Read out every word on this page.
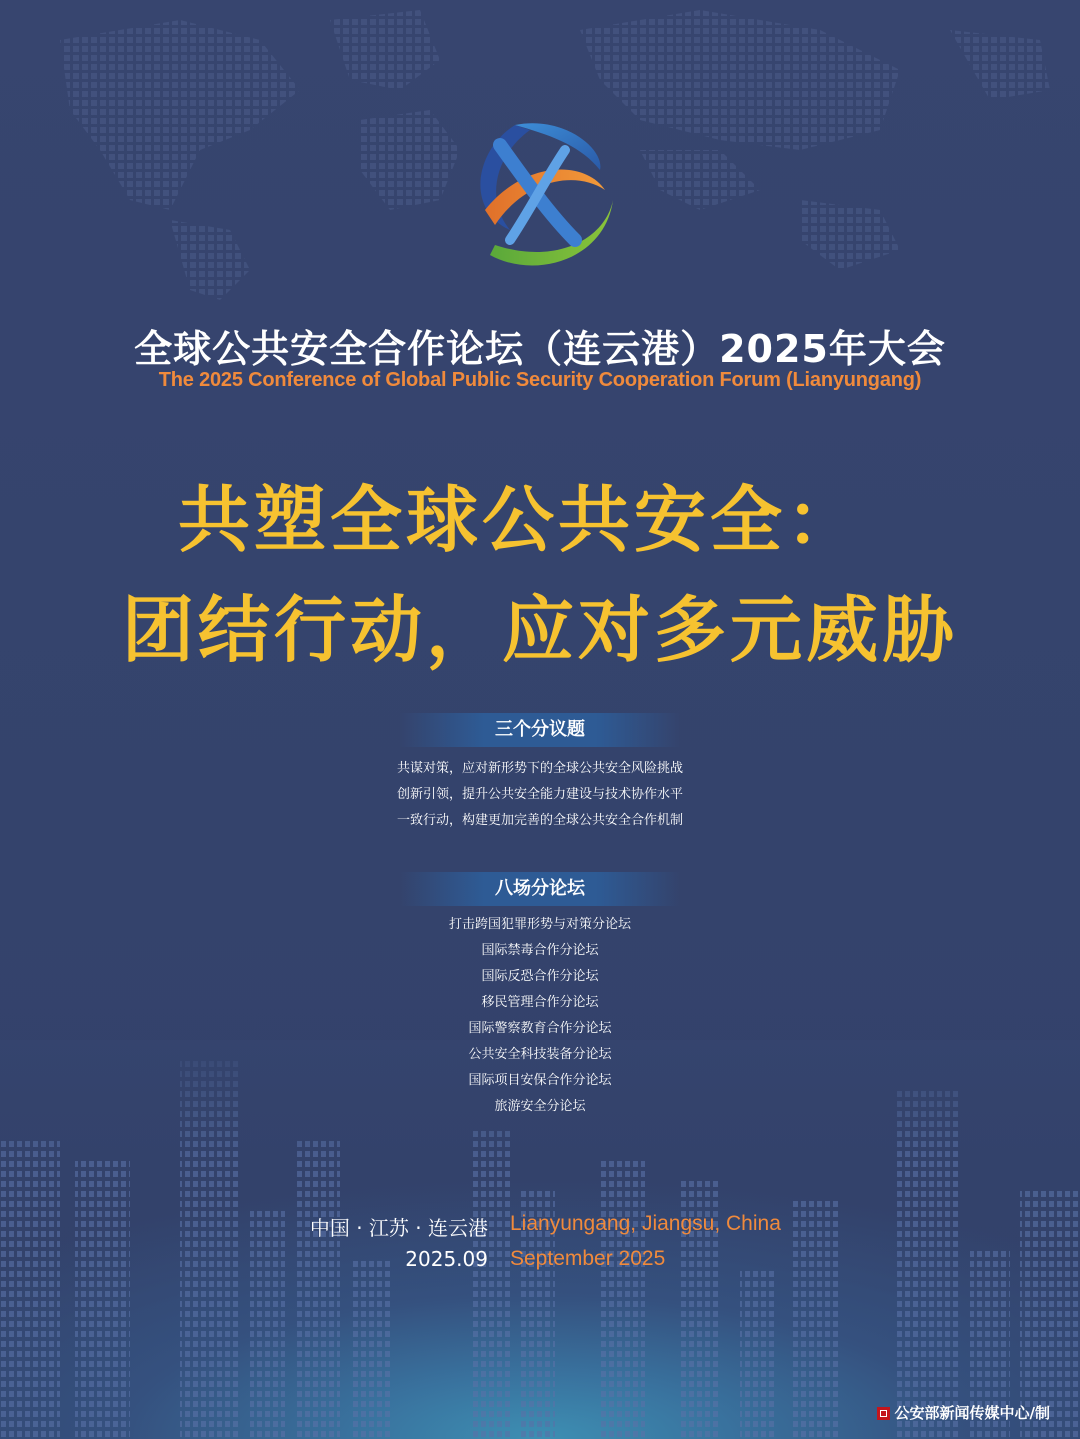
全球公共安全合作论坛（连云港）2025年大会
The 2025 Conference of Global Public Security Cooperation Forum (Lianyungang)
共塑全球公共安全：
团结行动，应对多元威胁
三个分议题
共谋对策，应对新形势下的全球公共安全风险挑战
创新引领，提升公共安全能力建设与技术协作水平
一致行动，构建更加完善的全球公共安全合作机制
八场分论坛
打击跨国犯罪形势与对策分论坛
国际禁毒合作分论坛
国际反恐合作分论坛
移民管理合作分论坛
国际警察教育合作分论坛
公共安全科技装备分论坛
国际项目安保合作分论坛
旅游安全分论坛
中国 · 江苏 · 连云港 Lianyungang, Jiangsu, China
2025.09 September 2025
公安部新闻传媒中心/制
